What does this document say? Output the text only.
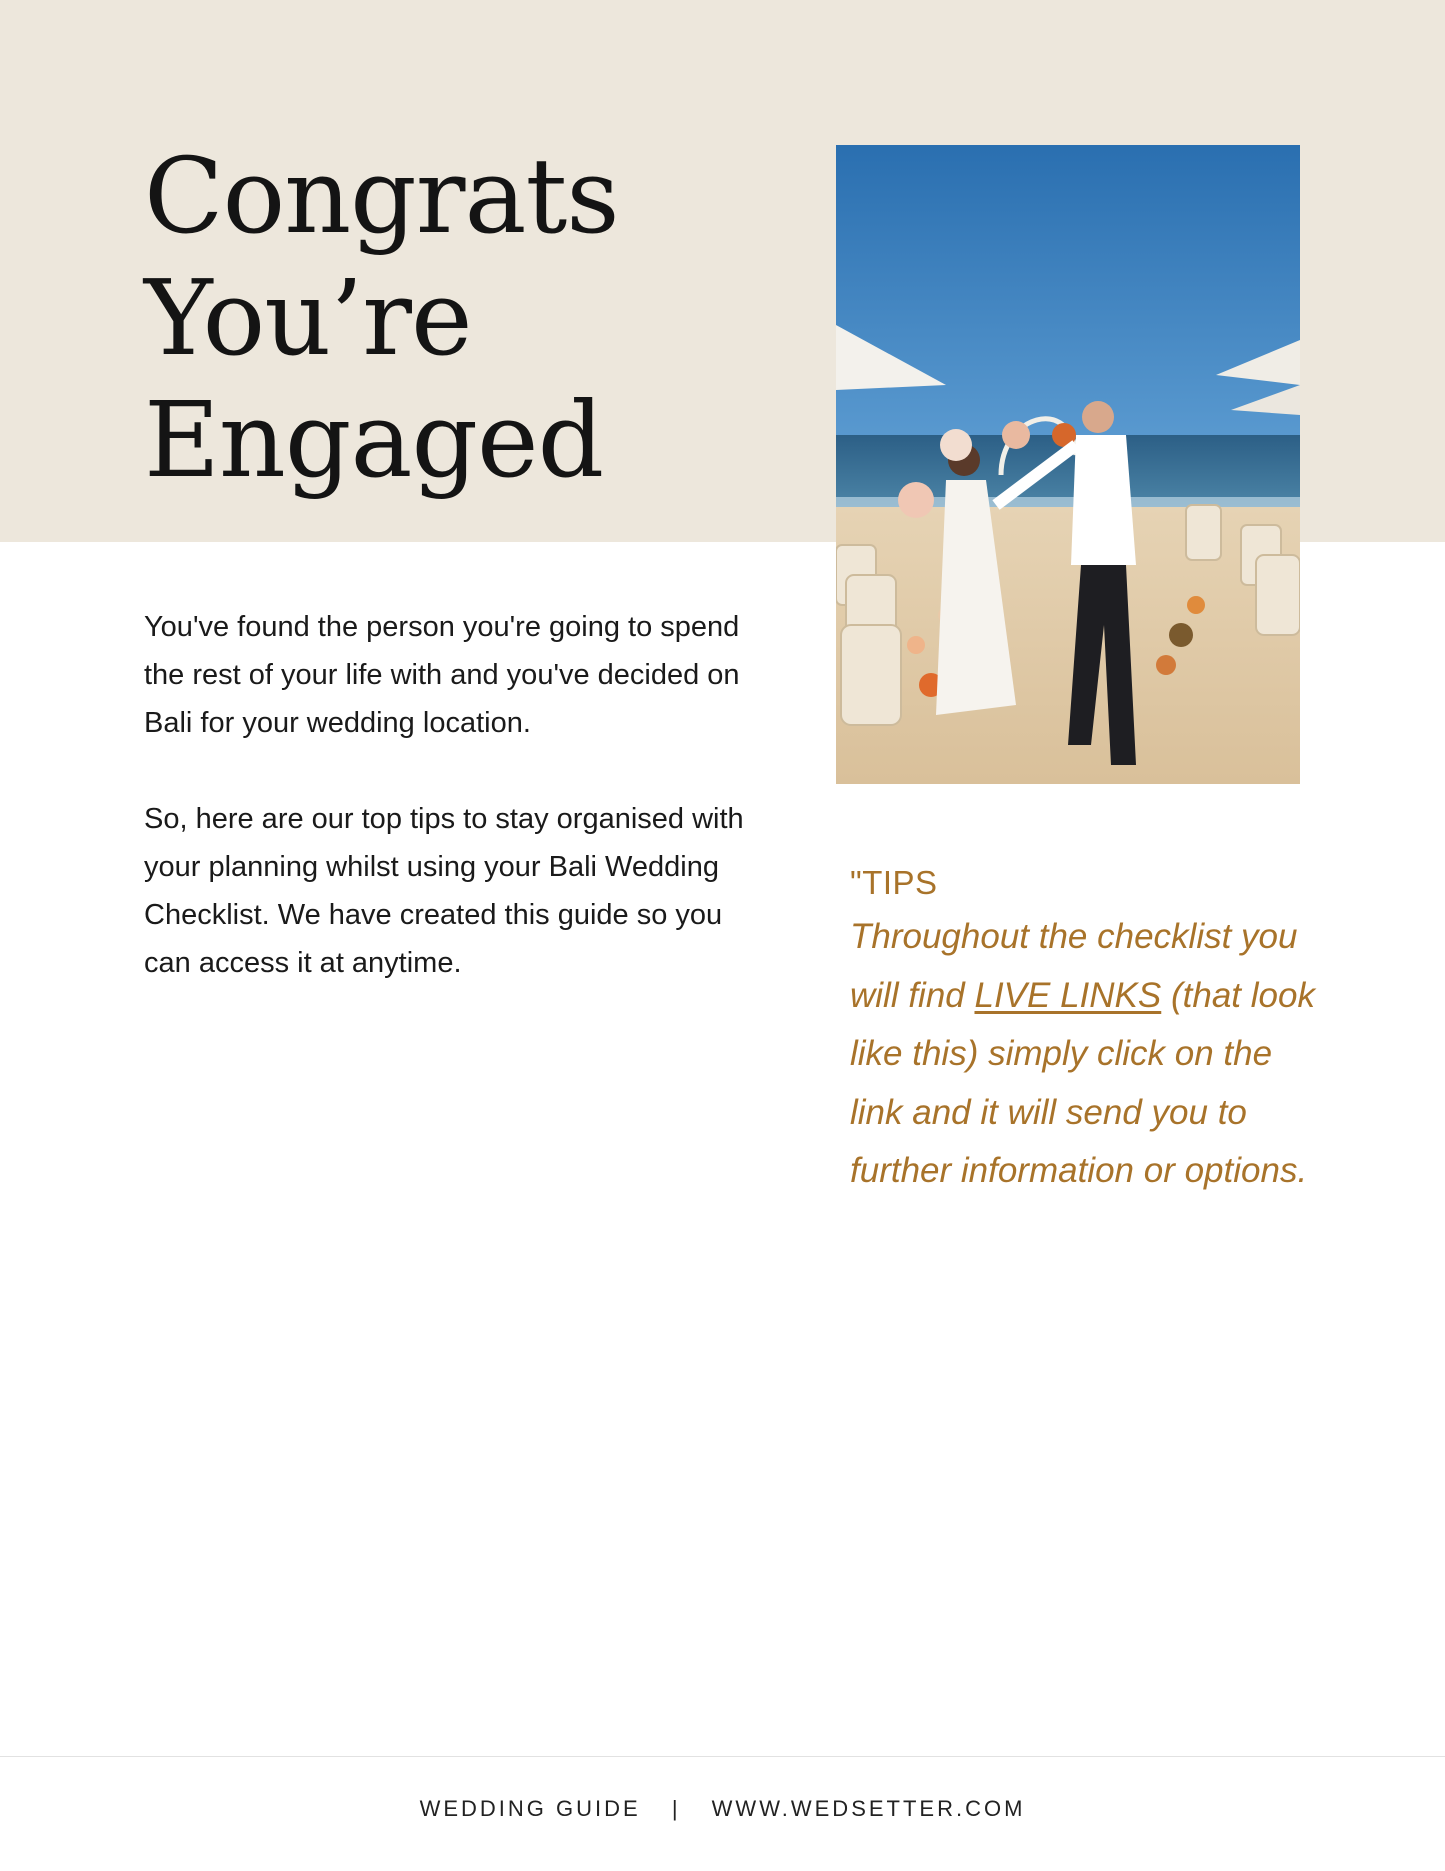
Congrats
You’re
Engaged

You've found the person you're going to spend the rest of your life with and you've decided on Bali for your wedding location.

So, here are our top tips to stay organised with your planning whilst using your Bali Wedding Checklist. We have created this guide so you can access it at anytime.

"TIPS
Throughout the checklist you will find LIVE LINKS (that look like this) simply click on the link and it will send you to further information or options.
WEDDING GUIDE | WWW.WEDSETTER.COM
